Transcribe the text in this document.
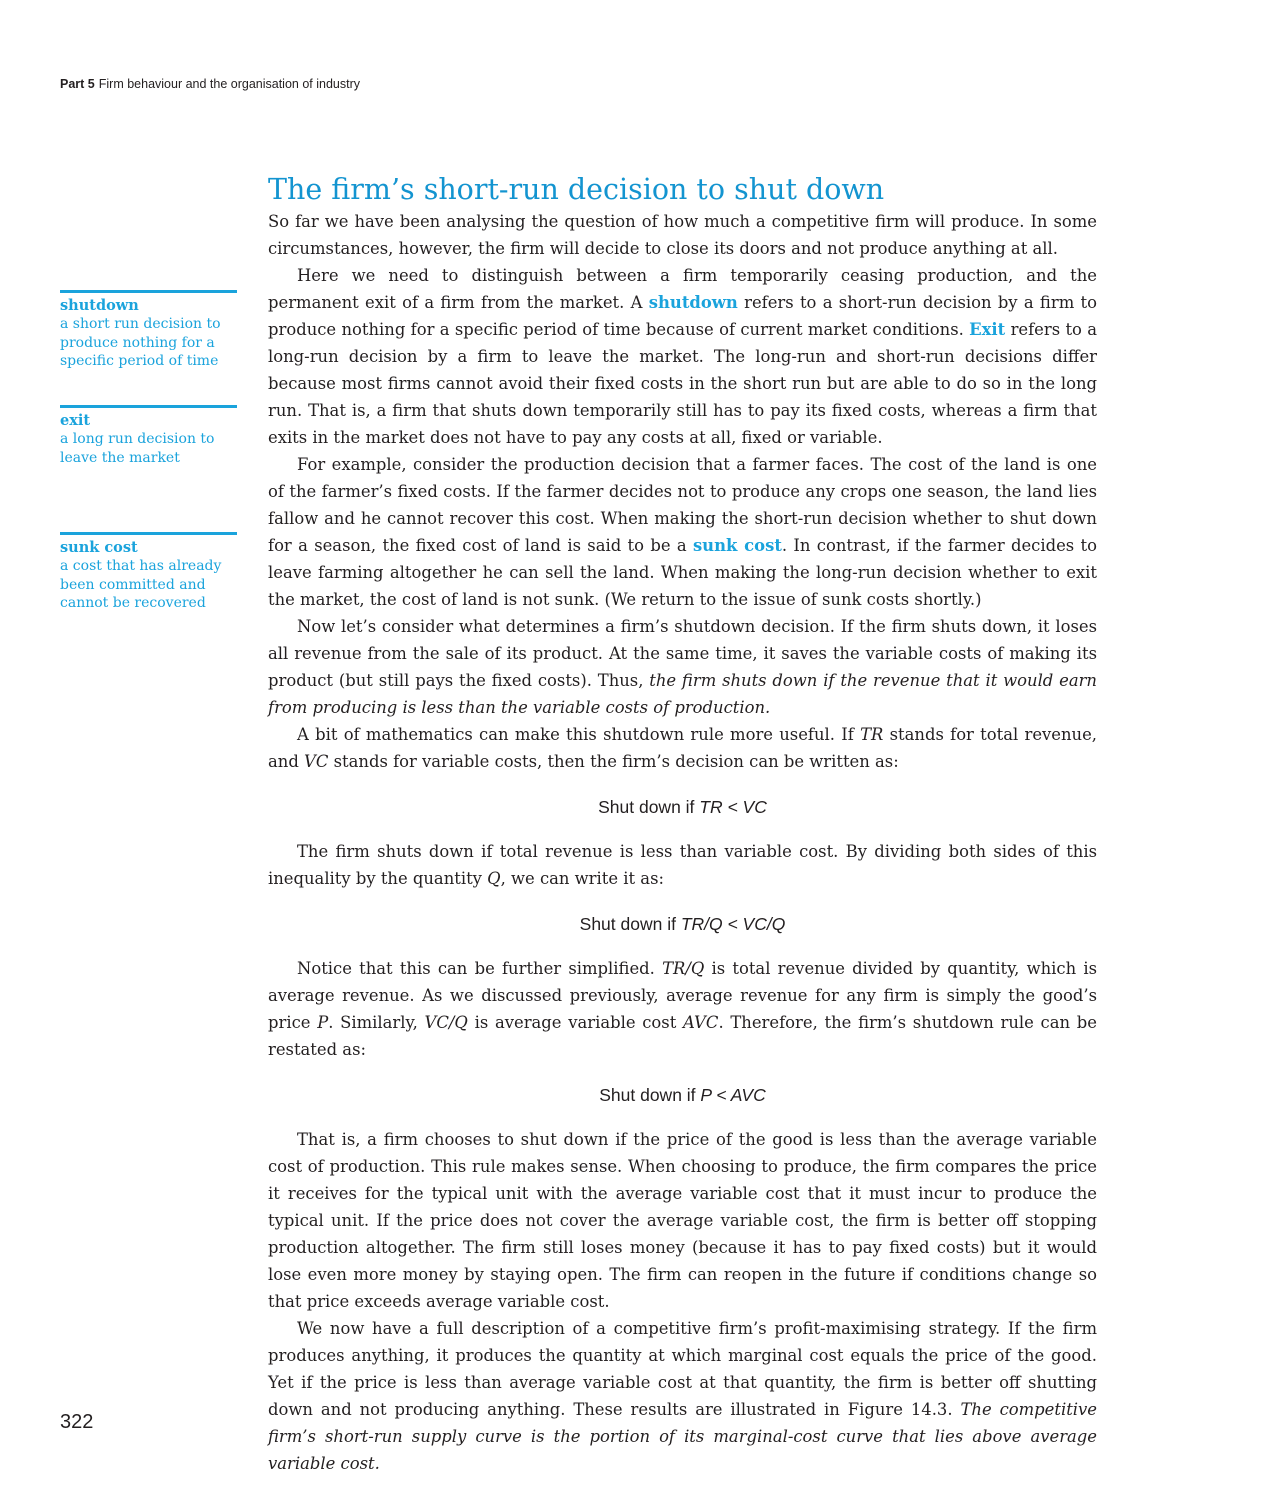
Part 5 Firm behaviour and the organisation of industry
shutdown
a short run decision to produce nothing for a specific period of time
exit
a long run decision to leave the market
sunk cost
a cost that has already been committed and cannot be recovered
The firm’s short-run decision to shut down

So far we have been analysing the question of how much a competitive firm will produce. In some circumstances, however, the firm will decide to close its doors and not produce anything at all.

Here we need to distinguish between a firm temporarily ceasing production, and the permanent exit of a firm from the market. A shutdown refers to a short-run decision by a firm to produce nothing for a specific period of time because of current market conditions. Exit refers to a long-run decision by a firm to leave the market. The long-run and short-run decisions differ because most firms cannot avoid their fixed costs in the short run but are able to do so in the long run. That is, a firm that shuts down temporarily still has to pay its fixed costs, whereas a firm that exits in the market does not have to pay any costs at all, fixed or variable.

For example, consider the production decision that a farmer faces. The cost of the land is one of the farmer’s fixed costs. If the farmer decides not to produce any crops one season, the land lies fallow and he cannot recover this cost. When making the short-run decision whether to shut down for a season, the fixed cost of land is said to be a sunk cost. In contrast, if the farmer decides to leave farming altogether he can sell the land. When making the long-run decision whether to exit the market, the cost of land is not sunk. (We return to the issue of sunk costs shortly.)

Now let’s consider what determines a firm’s shutdown decision. If the firm shuts down, it loses all revenue from the sale of its product. At the same time, it saves the variable costs of making its product (but still pays the fixed costs). Thus, the firm shuts down if the revenue that it would earn from producing is less than the variable costs of production.

A bit of mathematics can make this shutdown rule more useful. If TR stands for total revenue, and VC stands for variable costs, then the firm’s decision can be written as:

Shut down if TR < VC

The firm shuts down if total revenue is less than variable cost. By dividing both sides of this inequality by the quantity Q, we can write it as:

Shut down if TR/Q < VC/Q

Notice that this can be further simplified. TR/Q is total revenue divided by quantity, which is average revenue. As we discussed previously, average revenue for any firm is simply the good’s price P. Similarly, VC/Q is average variable cost AVC. Therefore, the firm’s shutdown rule can be restated as:

Shut down if P < AVC

That is, a firm chooses to shut down if the price of the good is less than the average variable cost of production. This rule makes sense. When choosing to produce, the firm compares the price it receives for the typical unit with the average variable cost that it must incur to produce the typical unit. If the price does not cover the average variable cost, the firm is better off stopping production altogether. The firm still loses money (because it has to pay fixed costs) but it would lose even more money by staying open. The firm can reopen in the future if conditions change so that price exceeds average variable cost.

We now have a full description of a competitive firm’s profit-maximising strategy. If the firm produces anything, it produces the quantity at which marginal cost equals the price of the good. Yet if the price is less than average variable cost at that quantity, the firm is better off shutting down and not producing anything. These results are illustrated in Figure 14.3. The competitive firm’s short-run supply curve is the portion of its marginal-cost curve that lies above average variable cost.

322
